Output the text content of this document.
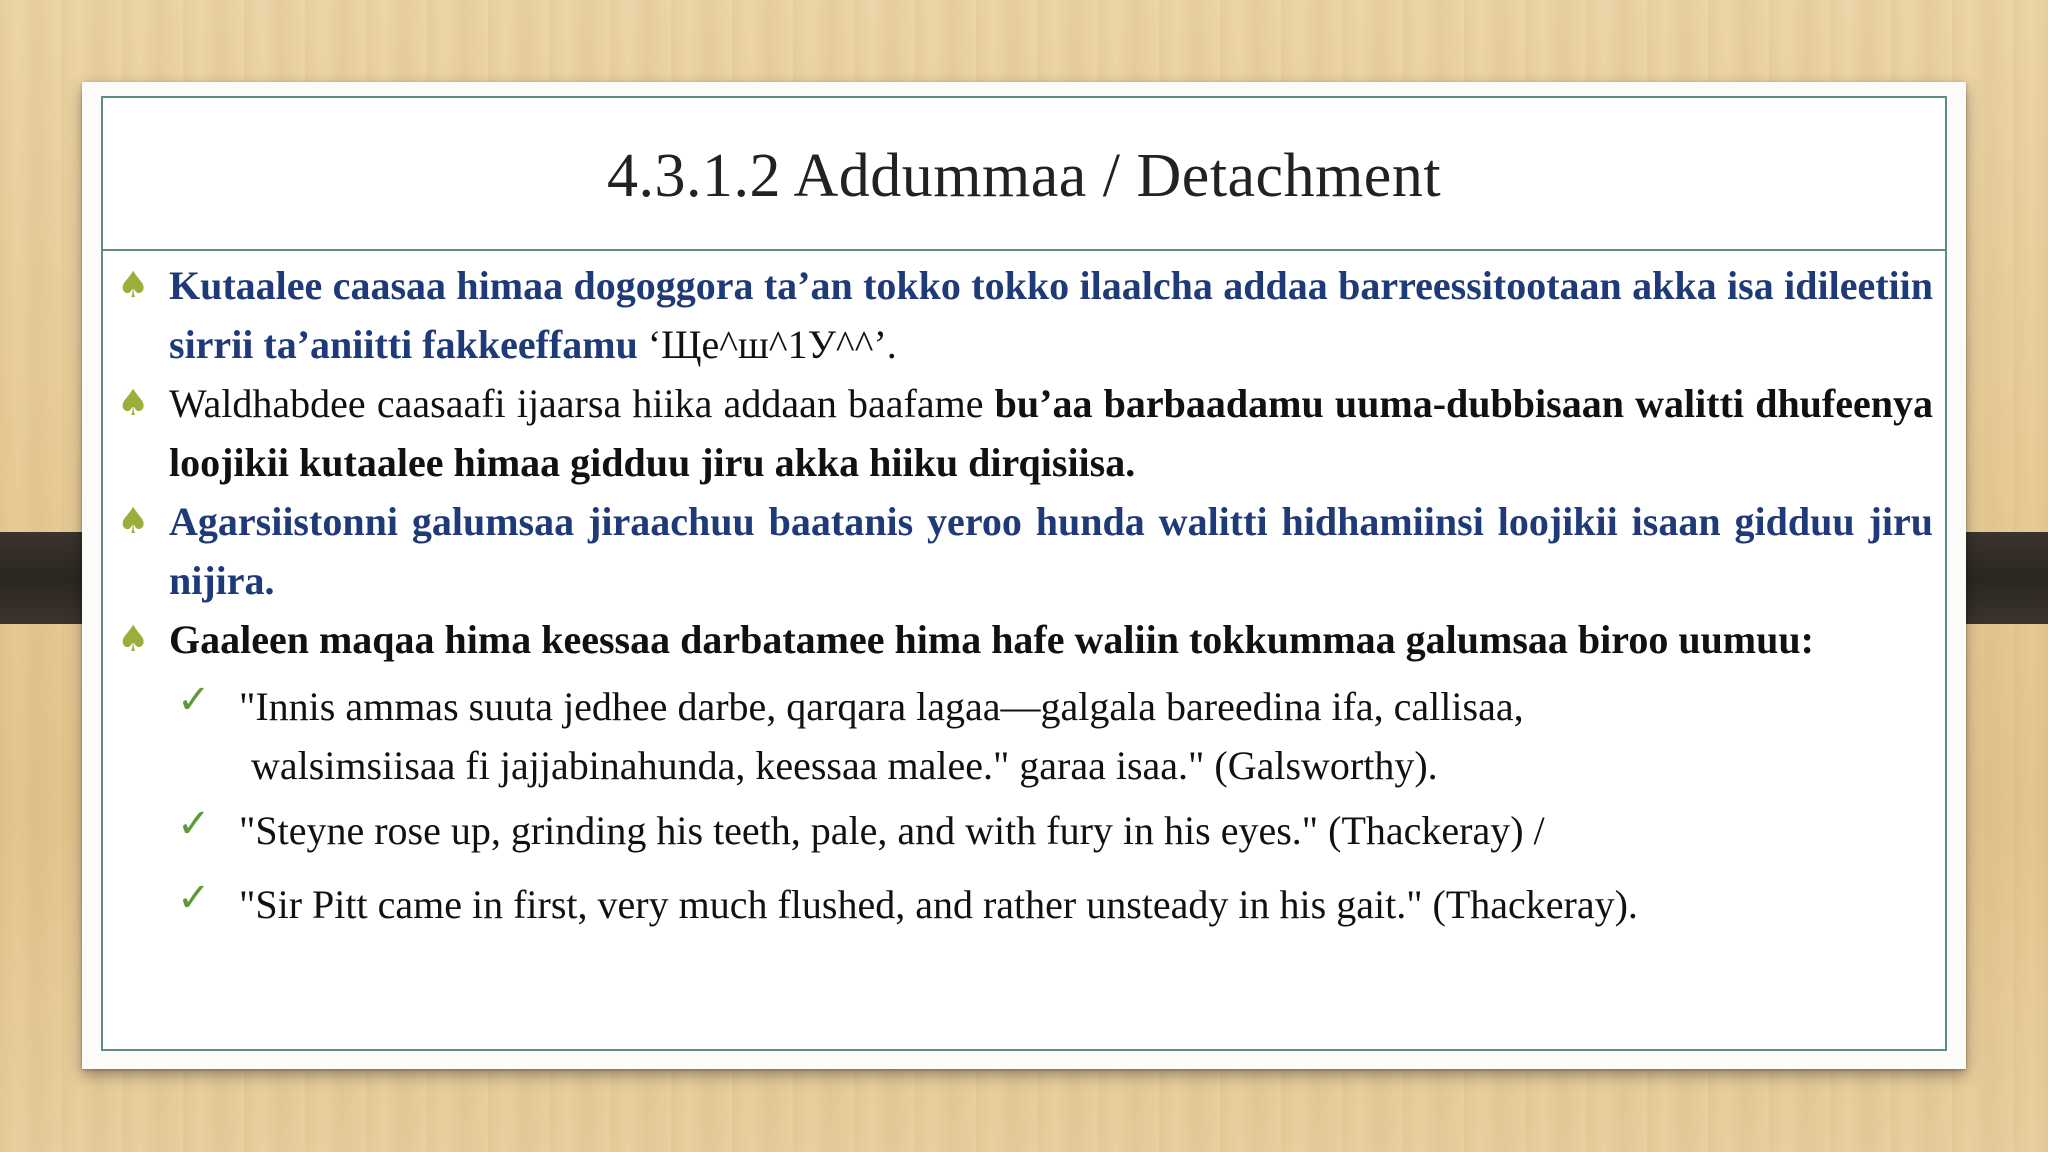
4.3.1.2 Addummaa / Detachment
♠ Kutaalee caasaa himaa dogoggora ta’an tokko tokko ilaalcha addaa barreessitootaan akka isa idileetiin sirrii ta’aniitti fakkeeffamu ‘Ще^ш^1У^^’.
♠ Waldhabdee caasaafi ijaarsa hiika addaan baafame bu’aa barbaadamu uuma-dubbisaan walitti dhufeenya loojikii kutaalee himaa gidduu jiru akka hiiku dirqisiisa.
♠ Agarsiistonni galumsaa jiraachuu baatanis yeroo hunda walitti hidhamiinsi loojikii isaan gidduu jiru nijira.
♠ Gaaleen maqaa hima keessaa darbatamee hima hafe waliin tokkummaa galumsaa biroo uumuu:
✓ "Innis ammas suuta jedhee darbe, qarqara lagaa—galgala bareedina ifa, callisaa,
walsimsiisaa fi jajjabinahunda, keessaa malee." garaa isaa." (Galsworthy).
✓ "Steyne rose up, grinding his teeth, pale, and with fury in his eyes." (Thackeray) /
✓ "Sir Pitt came in first, very much flushed, and rather unsteady in his gait." (Thackeray).
